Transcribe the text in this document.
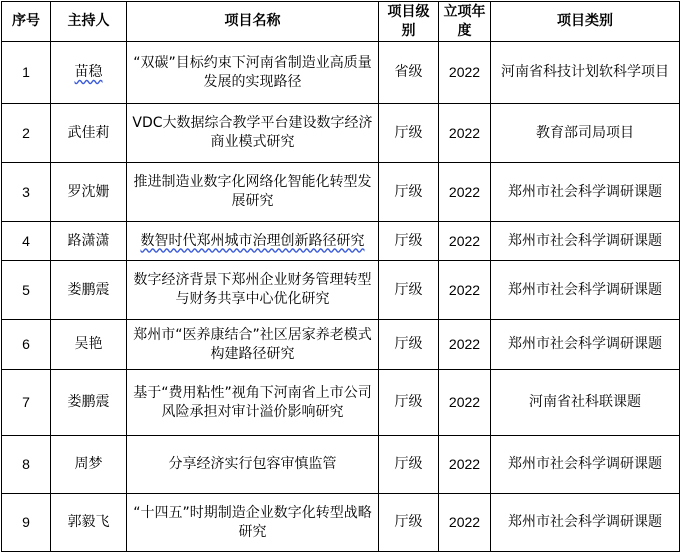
序号	主持人	项目名称	项目级别	立项年度	项目类别
1	苗稳	“双碳”目标约束下河南省制造业高质量发展的实现路径	省级	2022	河南省科技计划软科学项目
2	武佳莉	VDC大数据综合教学平台建设数字经济商业模式研究	厅级	2022	教育部司局项目
3	罗沈姗	推进制造业数字化网络化智能化转型发展研究	厅级	2022	郑州市社会科学调研课题
4	路潇潇	数智时代郑州城市治理创新路径研究	厅级	2022	郑州市社会科学调研课题
5	娄鹏震	数字经济背景下郑州企业财务管理转型与财务共享中心优化研究	厅级	2022	郑州市社会科学调研课题
6	吴艳	郑州市“医养康结合”社区居家养老模式构建路径研究	厅级	2022	郑州市社会科学调研课题
7	娄鹏震	基于“费用粘性”视角下河南省上市公司风险承担对审计溢价影响研究	厅级	2022	河南省社科联课题
8	周梦	分享经济实行包容审慎监管	厅级	2022	郑州市社会科学调研课题
9	郭毅飞	“十四五”时期制造企业数字化转型战略研究	厅级	2022	郑州市社会科学调研课题
